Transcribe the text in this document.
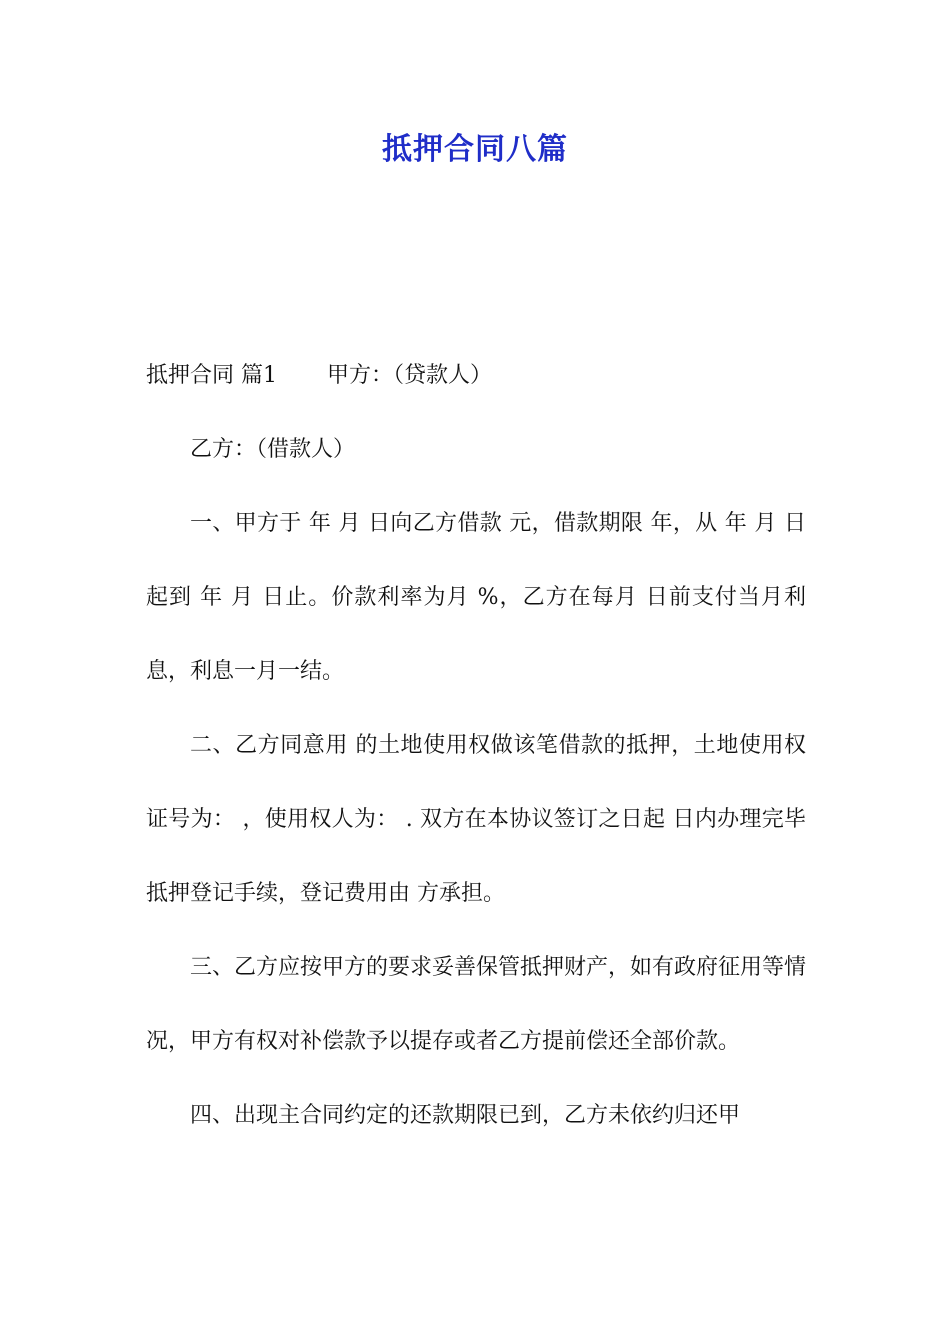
抵押合同八篇

抵押合同 篇1 甲方：（贷款人）

乙方：（借款人）

一、甲方于 年 月 日向乙方借款 元，借款期限 年，从 年 月 日起到 年 月 日止。价款利率为月 %，乙方在每月 日前支付当月利息，利息一月一结。

二、乙方同意用 的土地使用权做该笔借款的抵押，土地使用权证号为： ，使用权人为： . 双方在本协议签订之日起 日内办理完毕抵押登记手续，登记费用由 方承担。

三、乙方应按甲方的要求妥善保管抵押财产，如有政府征用等情况，甲方有权对补偿款予以提存或者乙方提前偿还全部价款。

四、出现主合同约定的还款期限已到，乙方未依约归还甲
